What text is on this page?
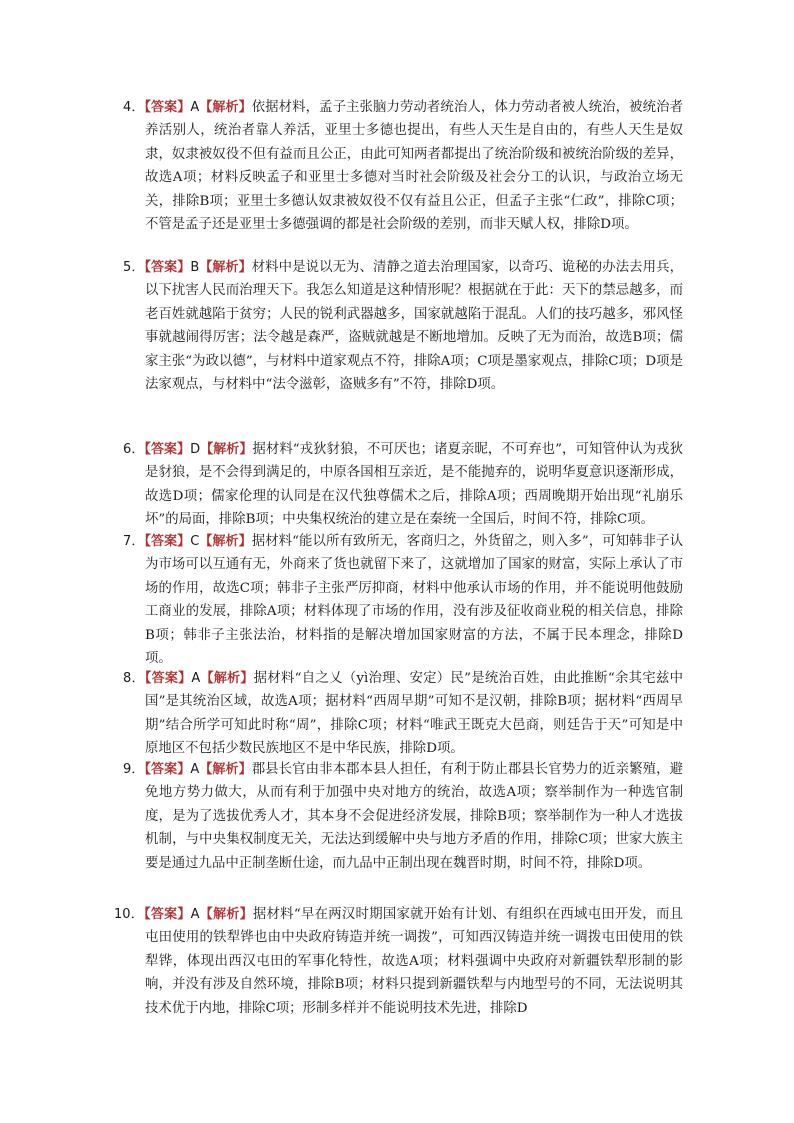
4．【答案】A【解析】依据材料，孟子主张脑力劳动者统治人，体力劳动者被人统治，被统治者养活别人，统治者靠人养活，亚里士多德也提出，有些人天生是自由的，有些人天生是奴隶，奴隶被奴役不但有益而且公正，由此可知两者都提出了统治阶级和被统治阶级的差异，故选A项；材料反映孟子和亚里士多德对当时社会阶级及社会分工的认识，与政治立场无关，排除B项；亚里士多德认奴隶被奴役不仅有益且公正，但孟子主张“仁政”，排除C项；不管是孟子还是亚里士多德强调的都是社会阶级的差别，而非天赋人权，排除D项。

5．【答案】B【解析】材料中是说以无为、清静之道去治理国家，以奇巧、诡秘的办法去用兵，以下扰害人民而治理天下。我怎么知道是这种情形呢？根据就在于此：天下的禁忌越多，而老百姓就越陷于贫穷；人民的锐利武器越多，国家就越陷于混乱。人们的技巧越多，邪风怪事就越闹得厉害；法令越是森严，盗贼就越是不断地增加。反映了无为而治，故选B项；儒家主张“为政以德”，与材料中道家观点不符，排除A项；C项是墨家观点，排除C项；D项是法家观点，与材料中“法令滋彰，盗贼多有”不符，排除D项。

6．【答案】D【解析】据材料“戎狄豺狼，不可厌也；诸夏亲昵，不可弃也”，可知管仲认为戎狄是豺狼，是不会得到满足的，中原各国相互亲近，是不能抛弃的，说明华夏意识逐渐形成，故选D项；儒家伦理的认同是在汉代独尊儒术之后，排除A项；西周晚期开始出现“礼崩乐坏”的局面，排除B项；中央集权统治的建立是在秦统一全国后，时间不符，排除C项。

7．【答案】C【解析】据材料“能以所有致所无，客商归之，外货留之，则入多”，可知韩非子认为市场可以互通有无，外商来了货也就留下来了，这就增加了国家的财富，实际上承认了市场的作用，故选C项；韩非子主张严厉抑商，材料中他承认市场的作用，并不能说明他鼓励工商业的发展，排除A项；材料体现了市场的作用，没有涉及征收商业税的相关信息，排除B项；韩非子主张法治，材料指的是解决增加国家财富的方法，不属于民本理念，排除D项。

8．【答案】A【解析】据材料“自之乂（yì治理、安定）民”是统治百姓，由此推断“余其宅兹中国”是其统治区域，故选A项；据材料“西周早期”可知不是汉朝，排除B项；据材料“西周早期”结合所学可知此时称“周”，排除C项；材料“唯武王既克大邑商，则廷告于天”可知是中原地区不包括少数民族地区不是中华民族，排除D项。

9．【答案】A【解析】郡县长官由非本郡本县人担任，有利于防止郡县长官势力的近亲繁殖，避免地方势力做大，从而有利于加强中央对地方的统治，故选A项；察举制作为一种选官制度，是为了选拔优秀人才，其本身不会促进经济发展，排除B项；察举制作为一种人才选拔机制，与中央集权制度无关，无法达到缓解中央与地方矛盾的作用，排除C项；世家大族主要是通过九品中正制垄断仕途，而九品中正制出现在魏晋时期，时间不符，排除D项。

10．【答案】A【解析】据材料“早在两汉时期国家就开始有计划、有组织在西域屯田开发，而且屯田使用的铁犁铧也由中央政府铸造并统一调拨”，可知西汉铸造并统一调拨屯田使用的铁犁铧，体现出西汉屯田的军事化特性，故选A项；材料强调中央政府对新疆铁犁形制的影响，并没有涉及自然环境，排除B项；材料只提到新疆铁犁与内地型号的不同，无法说明其技术优于内地，排除C项；形制多样并不能说明技术先进，排除D
